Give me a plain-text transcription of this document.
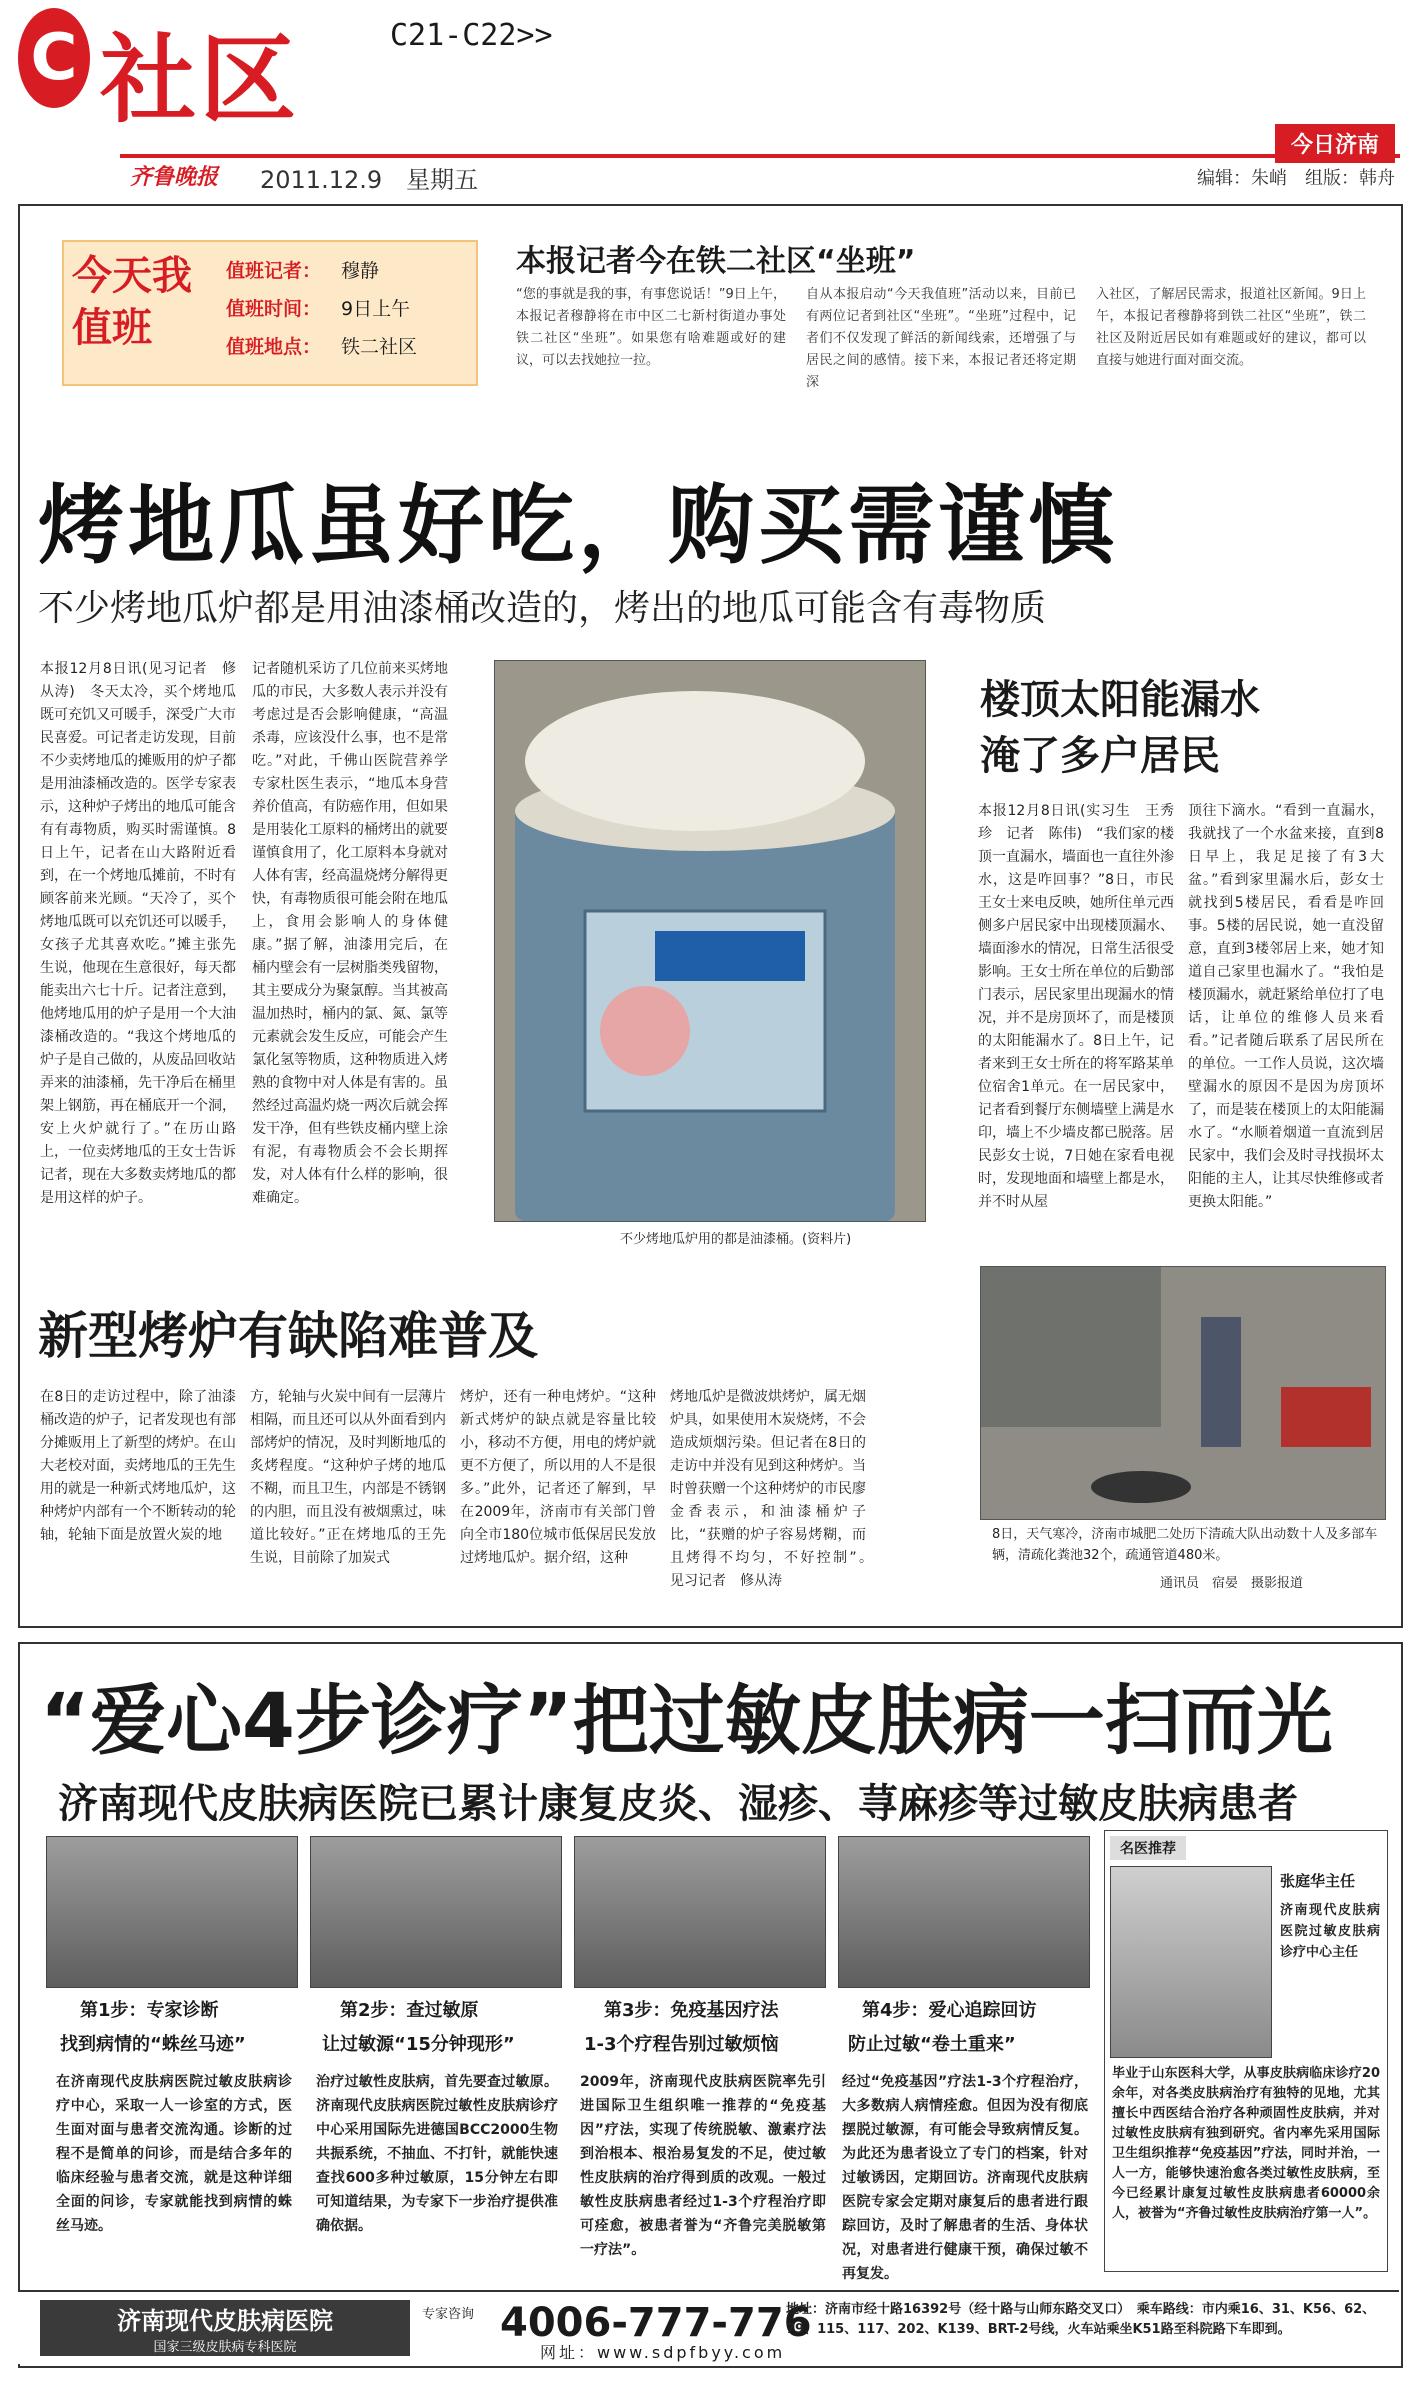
C 社区	C21-C22>>
齐鲁晚报 2011.12.9　星期五
今日济南
编辑：朱峭　组版：韩舟
今天我值班
值班记者： 穆静
值班时间： 9日上午
值班地点： 铁二社区
本报记者今在铁二社区“坐班”
“您的事就是我的事，有事您说话！”9日上午，本报记者穆静将在市中区二七新村街道办事处铁二社区“坐班”。如果您有啥难题或好的建议，可以去找她拉一拉。
自从本报启动“今天我值班”活动以来，目前已有两位记者到社区“坐班”。“坐班”过程中，记者们不仅发现了鲜活的新闻线索，还增强了与居民之间的感情。接下来，本报记者还将定期深
入社区，了解居民需求，报道社区新闻。9日上午，本报记者穆静将到铁二社区“坐班”，铁二社区及附近居民如有难题或好的建议，都可以直接与她进行面对面交流。
烤地瓜虽好吃，购买需谨慎
不少烤地瓜炉都是用油漆桶改造的，烤出的地瓜可能含有毒物质
本报12月8日讯(见习记者　修从涛)　冬天太冷，买个烤地瓜既可充饥又可暖手，深受广大市民喜爱。可记者走访发现，目前不少卖烤地瓜的摊贩用的炉子都是用油漆桶改造的。医学专家表示，这种炉子烤出的地瓜可能含有有毒物质，购买时需谨慎。8日上午，记者在山大路附近看到，在一个烤地瓜摊前，不时有顾客前来光顾。“天冷了，买个烤地瓜既可以充饥还可以暖手，女孩子尤其喜欢吃。”摊主张先生说，他现在生意很好，每天都能卖出六七十斤。记者注意到，他烤地瓜用的炉子是用一个大油漆桶改造的。“我这个烤地瓜的炉子是自己做的，从废品回收站弄来的油漆桶，先干净后在桶里架上钢筋，再在桶底开一个洞，安上火炉就行了。”在历山路上，一位卖烤地瓜的王女士告诉记者，现在大多数卖烤地瓜的都是用这样的炉子。
记者随机采访了几位前来买烤地瓜的市民，大多数人表示并没有考虑过是否会影响健康，“高温杀毒，应该没什么事，也不是常吃。”对此，千佛山医院营养学专家杜医生表示，“地瓜本身营养价值高，有防癌作用，但如果是用装化工原料的桶烤出的就要谨慎食用了，化工原料本身就对人体有害，经高温烧烤分解得更快，有毒物质很可能会附在地瓜上，食用会影响人的身体健康。”据了解，油漆用完后，在桶内壁会有一层树脂类残留物，其主要成分为聚氯醇。当其被高温加热时，桶内的氯、氮、氯等元素就会发生反应，可能会产生氯化氢等物质，这种物质进入烤熟的食物中对人体是有害的。虽然经过高温灼烧一两次后就会挥发干净，但有些铁皮桶内壁上涂有泥，有毒物质会不会长期挥发，对人体有什么样的影响，很难确定。
不少烤地瓜炉用的都是油漆桶。(资料片)
新型烤炉有缺陷难普及
在8日的走访过程中，除了油漆桶改造的炉子，记者发现也有部分摊贩用上了新型的烤炉。在山大老校对面，卖烤地瓜的王先生用的就是一种新式烤地瓜炉，这种烤炉内部有一个不断转动的轮轴，轮轴下面是放置火炭的地
方，轮轴与火炭中间有一层薄片相隔，而且还可以从外面看到内部烤炉的情况，及时判断地瓜的炙烤程度。“这种炉子烤的地瓜不糊，而且卫生，内部是不锈钢的内胆，而且没有被烟熏过，味道比较好。”正在烤地瓜的王先生说，目前除了加炭式
烤炉，还有一种电烤炉。“这种新式烤炉的缺点就是容量比较小，移动不方便，用电的烤炉就更不方便了，所以用的人不是很多。”此外，记者还了解到，早在2009年，济南市有关部门曾向全市180位城市低保居民发放过烤地瓜炉。据介绍，这种
烤地瓜炉是微波烘烤炉，属无烟炉具，如果使用木炭烧烤，不会造成烦烟污染。但记者在8日的走访中并没有见到这种烤炉。当时曾获赠一个这种烤炉的市民廖金香表示，和油漆桶炉子比，“获赠的炉子容易烤糊，而且烤得不均匀，不好控制”。　见习记者　修从涛
楼顶太阳能漏水
淹了多户居民
本报12月8日讯(实习生　王秀珍　记者　陈伟)　“我们家的楼顶一直漏水，墙面也一直往外渗水，这是咋回事？”8日，市民王女士来电反映，她所住单元西侧多户居民家中出现楼顶漏水、墙面渗水的情况，日常生活很受影响。王女士所在单位的后勤部门表示，居民家里出现漏水的情况，并不是房顶坏了，而是楼顶的太阳能漏水了。8日上午，记者来到王女士所在的将军路某单位宿舍1单元。在一居民家中，记者看到餐厅东侧墙壁上满是水印，墙上不少墙皮都已脱落。居民彭女士说，7日她在家看电视时，发现地面和墙壁上都是水，并不时从屋
顶往下滴水。“看到一直漏水，我就找了一个水盆来接，直到8日早上，我足足接了有3大盆。”看到家里漏水后，彭女士就找到5楼居民，看看是咋回事。5楼的居民说，她一直没留意，直到3楼邻居上来，她才知道自己家里也漏水了。“我怕是楼顶漏水，就赶紧给单位打了电话，让单位的维修人员来看看。”记者随后联系了居民所在的单位。一工作人员说，这次墙壁漏水的原因不是因为房顶坏了，而是装在楼顶上的太阳能漏水了。“水顺着烟道一直流到居民家中，我们会及时寻找损坏太阳能的主人，让其尽快维修或者更换太阳能。”
8日，天气寒冷，济南市城肥二处历下清疏大队出动数十人及多部车辆，清疏化粪池32个，疏通管道480米。
通讯员　宿晏　摄影报道
“爱心4步诊疗”把过敏皮肤病一扫而光
济南现代皮肤病医院已累计康复皮炎、湿疹、荨麻疹等过敏皮肤病患者
第1步：专家诊断
找到病情的“蛛丝马迹”
在济南现代皮肤病医院过敏皮肤病诊疗中心，采取一人一诊室的方式，医生面对面与患者交流沟通。诊断的过程不是简单的问诊，而是结合多年的临床经验与患者交流，就是这种详细全面的问诊，专家就能找到病情的蛛丝马迹。
第2步：查过敏原
让过敏源“15分钟现形”
治疗过敏性皮肤病，首先要查过敏原。济南现代皮肤病医院过敏性皮肤病诊疗中心采用国际先进德国BCC2000生物共振系统，不抽血、不打针，就能快速查找600多种过敏原，15分钟左右即可知道结果，为专家下一步治疗提供准确依据。
第3步：免疫基因疗法
1-3个疗程告别过敏烦恼
2009年，济南现代皮肤病医院率先引进国际卫生组织唯一推荐的“免疫基因”疗法，实现了传统脱敏、激素疗法到治根本、根治易复发的不足，使过敏性皮肤病的治疗得到质的改观。一般过敏性皮肤病患者经过1-3个疗程治疗即可痊愈，被患者誉为“齐鲁完美脱敏第一疗法”。
第4步：爱心追踪回访
防止过敏“卷土重来”
经过“免疫基因”疗法1-3个疗程治疗，大多数病人病情痊愈。但因为没有彻底摆脱过敏源，有可能会导致病情反复。为此还为患者设立了专门的档案，针对过敏诱因，定期回访。济南现代皮肤病医院专家会定期对康复后的患者进行跟踪回访，及时了解患者的生活、身体状况，对患者进行健康干预，确保过敏不再复发。
名医推荐
张庭华主任
济南现代皮肤病医院过敏皮肤病诊疗中心主任
毕业于山东医科大学，从事皮肤病临床诊疗20余年，对各类皮肤病治疗有独特的见地，尤其擅长中西医结合治疗各种顽固性皮肤病，并对过敏性皮肤病有独到研究。省内率先采用国际卫生组织推荐“免疫基因”疗法，同时并治，一人一方，能够快速治愈各类过敏性皮肤病，至今已经累计康复过敏性皮肤病患者60000余人，被誉为“齐鲁过敏性皮肤病治疗第一人”。
济南现代皮肤病医院
国家三级皮肤病专科医院
专家咨询 4006-777-776
网址：www.sdpfbyy.com
地址：济南市经十路16392号（经十路与山师东路交叉口）　乘车路线：市内乘16、31、K56、62、79、115、117、202、K139、BRT-2号线，火车站乘坐K51路至科院路下车即到。
